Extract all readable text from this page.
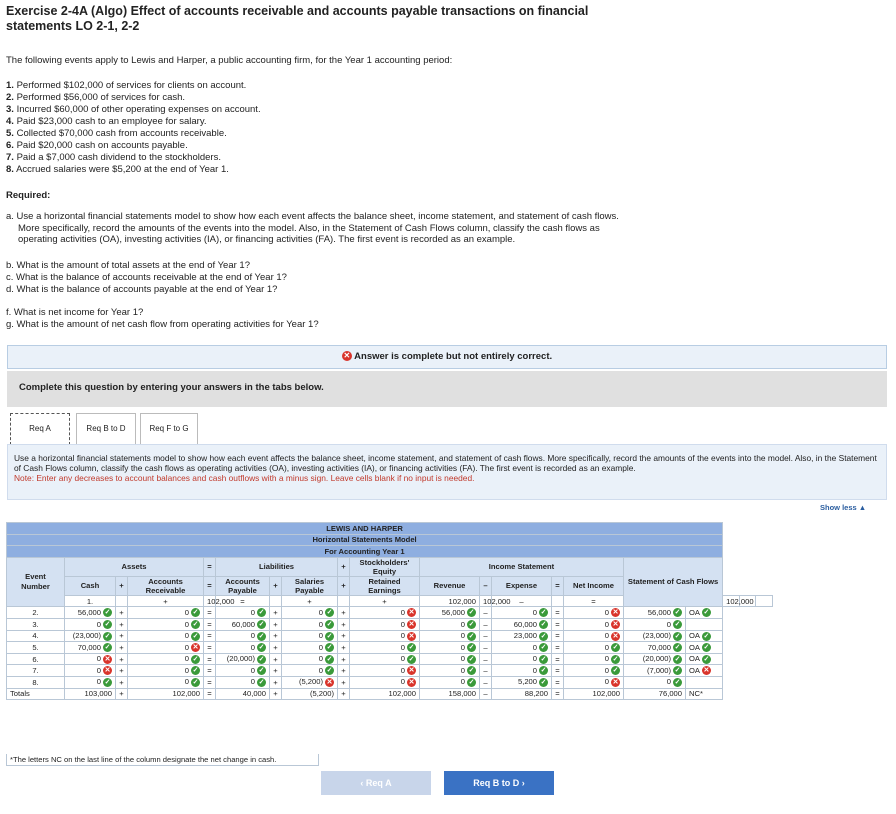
Exercise 2-4A (Algo) Effect of accounts receivable and accounts payable transactions on financial statements LO 2-1, 2-2
The following events apply to Lewis and Harper, a public accounting firm, for the Year 1 accounting period:
1. Performed $102,000 of services for clients on account.
2. Performed $56,000 of services for cash.
3. Incurred $60,000 of other operating expenses on account.
4. Paid $23,000 cash to an employee for salary.
5. Collected $70,000 cash from accounts receivable.
6. Paid $20,000 cash on accounts payable.
7. Paid a $7,000 cash dividend to the stockholders.
8. Accrued salaries were $5,200 at the end of Year 1.
Required:
a. Use a horizontal financial statements model to show how each event affects the balance sheet, income statement, and statement of cash flows. More specifically, record the amounts of the events into the model. Also, in the Statement of Cash Flows column, classify the cash flows as operating activities (OA), investing activities (IA), or financing activities (FA). The first event is recorded as an example.
b. What is the amount of total assets at the end of Year 1?
c. What is the balance of accounts receivable at the end of Year 1?
d. What is the balance of accounts payable at the end of Year 1?
f. What is net income for Year 1?
g. What is the amount of net cash flow from operating activities for Year 1?
✕ Answer is complete but not entirely correct.
Complete this question by entering your answers in the tabs below.
Req A	Req B to D	Req F to G
Use a horizontal financial statements model to show how each event affects the balance sheet, income statement, and statement of cash flows. More specifically, record the amounts of the events into the model. Also, in the Statement of Cash Flows column, classify the cash flows as operating activities (OA), investing activities (IA), or financing activities (FA). The first event is recorded as an example.
Note: Enter any decreases to account balances and cash outflows with a minus sign. Leave cells blank if no input is needed.
Show less ▲
LEWIS AND HARPER																			
Horizontal Statements Model																			
For Accounting Year 1																			
Event Number	Assets			=	Liabilities			+	Stockholders' Equity	Income Statement					Statement of Cash Flows				
	Cash	+	Accounts Receivable	=	Accounts Payable	+	Salaries Payable	+	Retained Earnings	Revenue	–	Expense	=	Net Income					
	1.		+	102,000	=		+		+	102,000	102,000	–		=			102,000		
2.	56,000 ✓	+	0 ✓	=	0 ✓	+	0 ✓	+	0 ✕	56,000 ✓	–	0 ✓	=	0 ✕	56,000 ✓	OA ✓			
3.	0 ✓	+	0 ✓	=	60,000 ✓	+	0 ✓	+	0 ✕	0 ✓	–	60,000 ✓	=	0 ✕	0 ✓				
4.	(23,000) ✓	+	0 ✓	=	0 ✓	+	0 ✓	+	0 ✕	0 ✓	–	23,000 ✓	=	0 ✕	(23,000) ✓	OA ✓			
5.	70,000 ✓	+	0 ✕	=	0 ✓	+	0 ✓	+	0 ✓	0 ✓	–	0 ✓	=	0 ✓	70,000 ✓	OA ✓			
6.	0 ✕	+	0 ✓	=	(20,000) ✓	+	0 ✓	+	0 ✓	0 ✓	–	0 ✓	=	0 ✓	(20,000) ✓	OA ✓			
7.	0 ✕	+	0 ✓	=	0 ✓	+	0 ✓	+	0 ✕	0 ✓	–	0 ✓	=	0 ✓	(7,000) ✓	OA ✕			
8.	0 ✓	+	0 ✓	=	0 ✓	+	(5,200) ✕	+	0 ✕	0 ✓	–	5,200 ✓	=	0 ✕	0 ✓				
Totals	103,000	+	102,000	=	40,000	+	(5,200)	+	102,000	158,000	–	88,200	=	102,000	76,000	NC*			
*The letters NC on the last line of the column designate the net change in cash.
‹ Req A	Req B to D ›
